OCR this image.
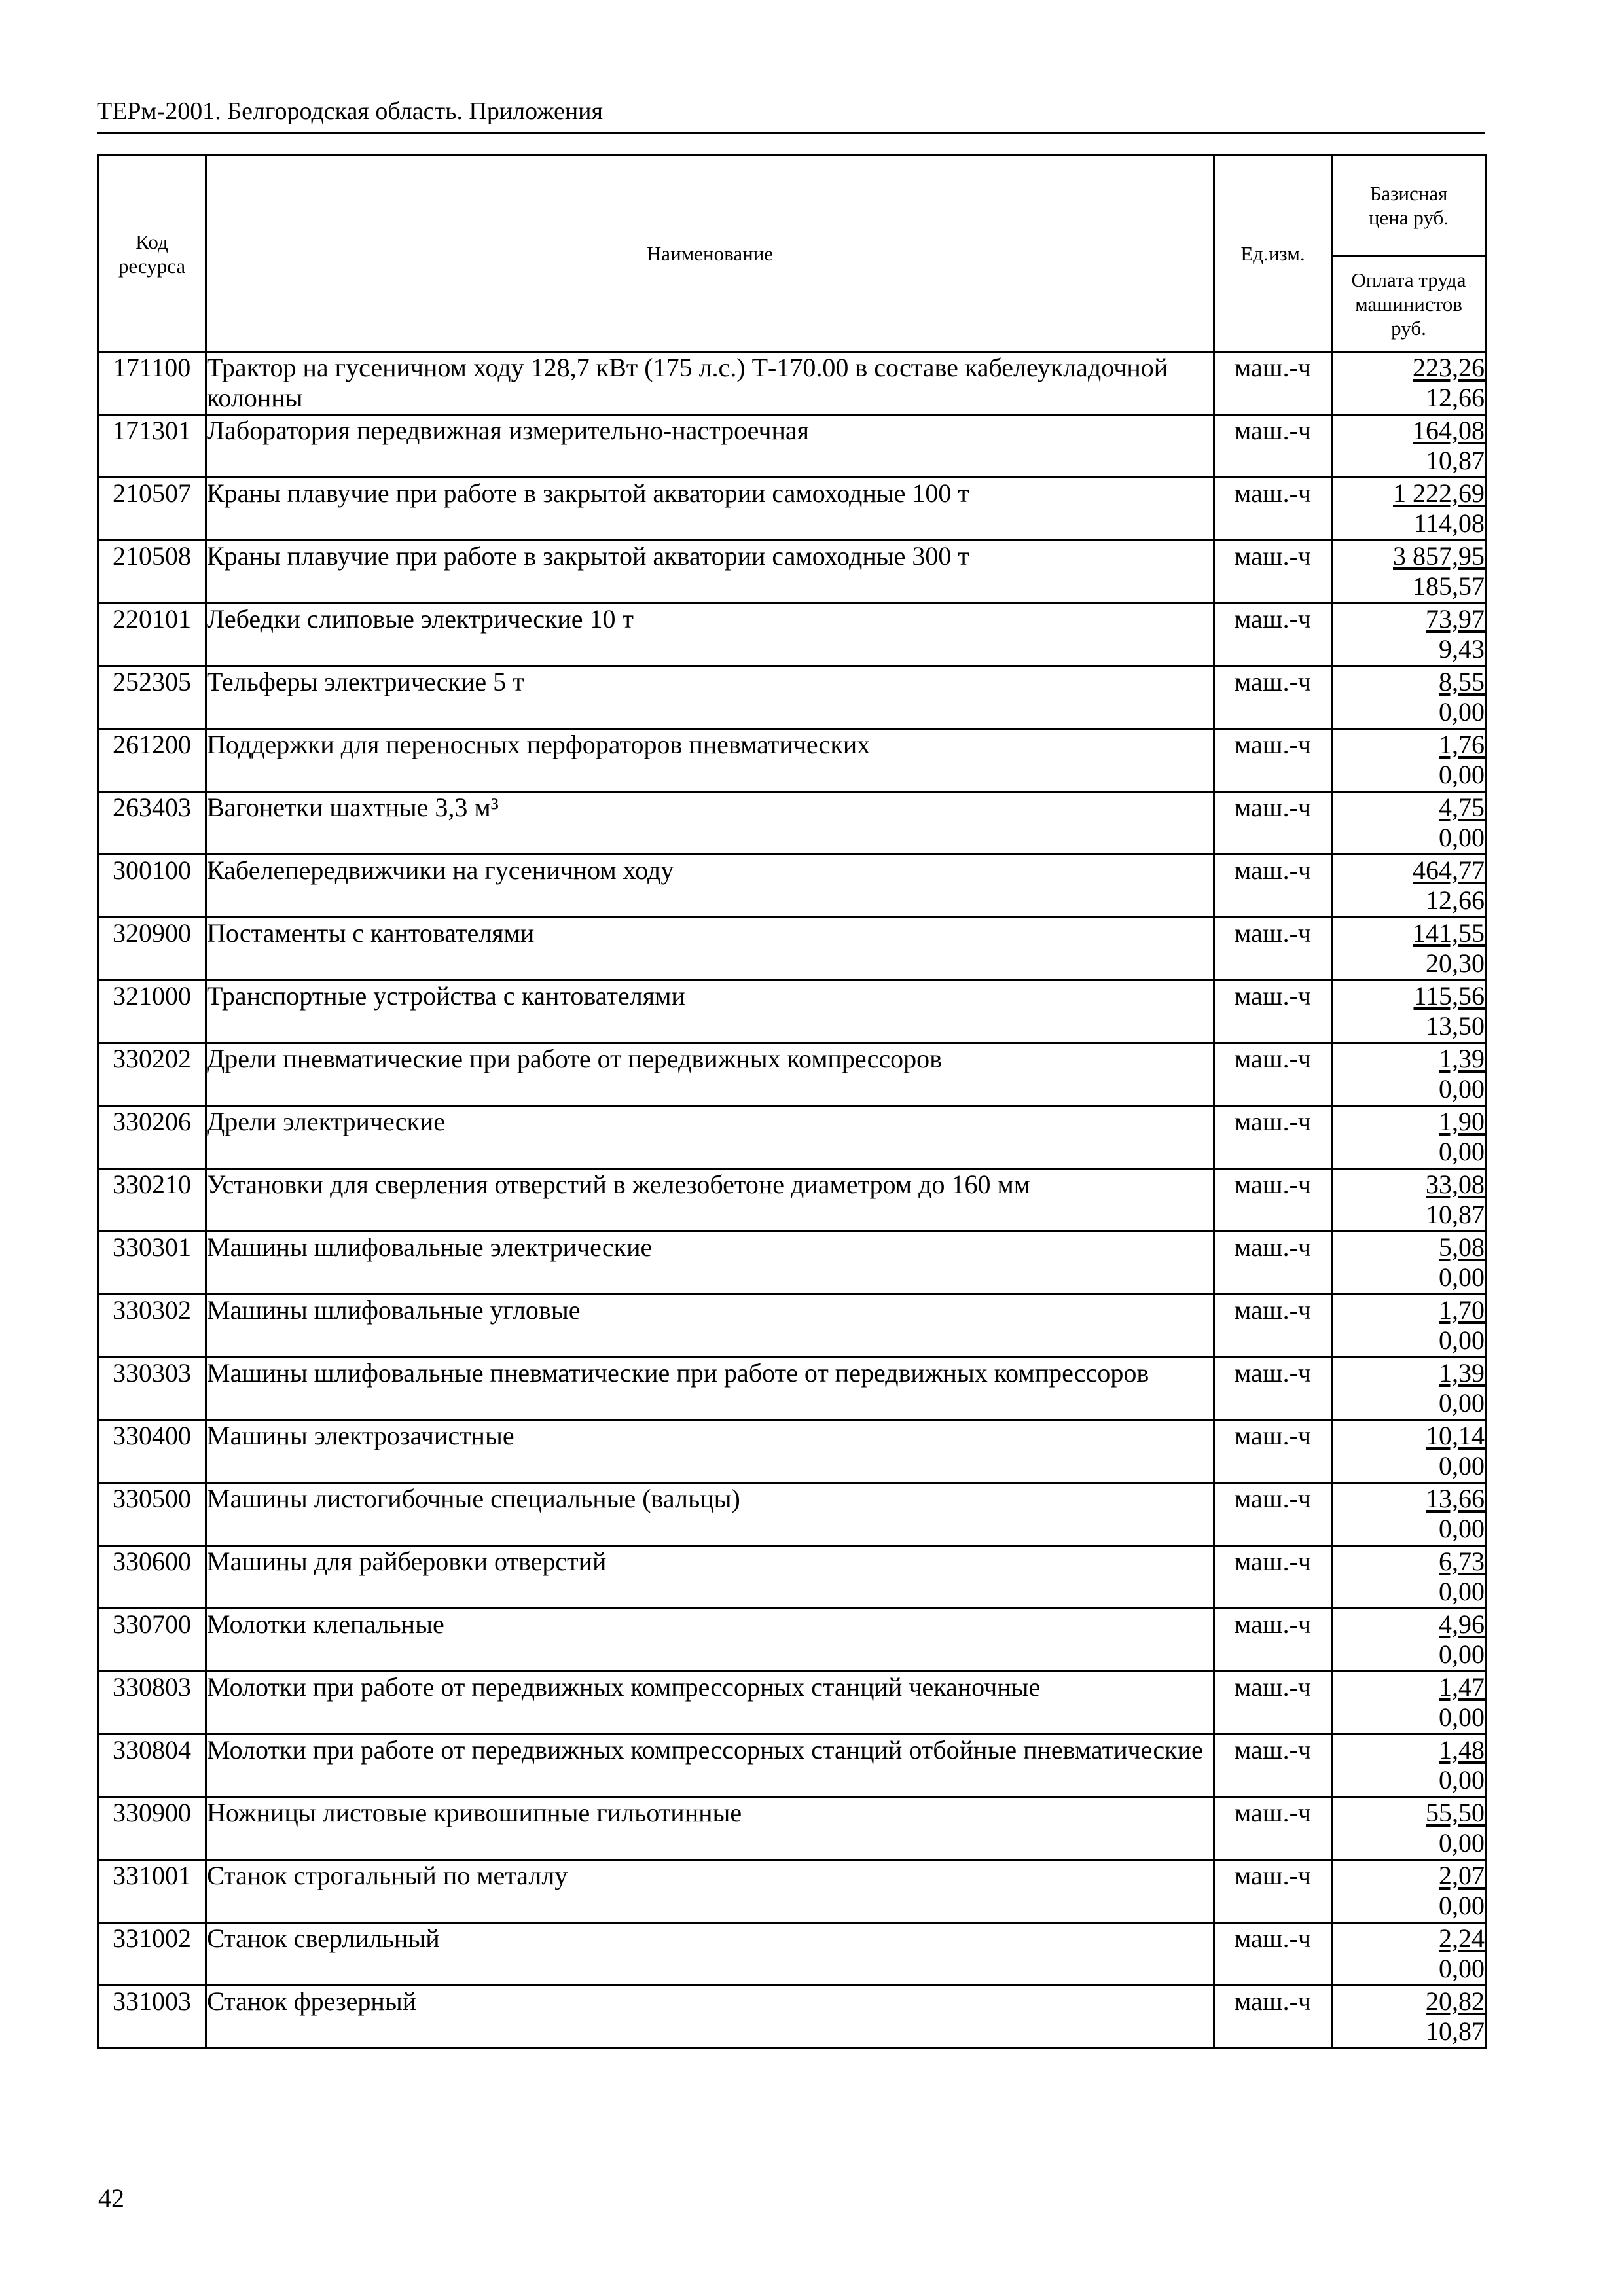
ТЕРм-2001. Белгородская область. Приложения
Код ресурса	Наименование	Ед.изм.	Базисная цена руб.
			Оплата труда машинистов руб.
171100	Трактор на гусеничном ходу 128,7 кВт (175 л.с.) Т-170.00 в составе кабелеукладочной колонны	маш.-ч	223,26
12,66

171301	Лаборатория передвижная измерительно-настроечная	маш.-ч	164,08
10,87

210507	Краны плавучие при работе в закрытой акватории самоходные 100 т	маш.-ч	1 222,69
114,08

210508	Краны плавучие при работе в закрытой акватории самоходные 300 т	маш.-ч	3 857,95
185,57

220101	Лебедки слиповые электрические 10 т	маш.-ч	73,97
9,43

252305	Тельферы электрические 5 т	маш.-ч	8,55
0,00

261200	Поддержки для переносных перфораторов пневматических	маш.-ч	1,76
0,00

263403	Вагонетки шахтные 3,3 м³	маш.-ч	4,75
0,00

300100	Кабелепередвижчики на гусеничном ходу	маш.-ч	464,77
12,66

320900	Постаменты с кантователями	маш.-ч	141,55
20,30

321000	Транспортные устройства с кантователями	маш.-ч	115,56
13,50

330202	Дрели пневматические при работе от передвижных компрессоров	маш.-ч	1,39
0,00

330206	Дрели электрические	маш.-ч	1,90
0,00

330210	Установки для сверления отверстий в железобетоне диаметром до 160 мм	маш.-ч	33,08
10,87

330301	Машины шлифовальные электрические	маш.-ч	5,08
0,00

330302	Машины шлифовальные угловые	маш.-ч	1,70
0,00

330303	Машины шлифовальные пневматические при работе от передвижных компрессоров	маш.-ч	1,39
0,00

330400	Машины электрозачистные	маш.-ч	10,14
0,00

330500	Машины листогибочные специальные (вальцы)	маш.-ч	13,66
0,00

330600	Машины для райберовки отверстий	маш.-ч	6,73
0,00

330700	Молотки клепальные	маш.-ч	4,96
0,00

330803	Молотки при работе от передвижных компрессорных станций чеканочные	маш.-ч	1,47
0,00

330804	Молотки при работе от передвижных компрессорных станций отбойные пневматические	маш.-ч	1,48
0,00

330900	Ножницы листовые кривошипные гильотинные	маш.-ч	55,50
0,00

331001	Станок строгальный по металлу	маш.-ч	2,07
0,00

331002	Станок сверлильный	маш.-ч	2,24
0,00

331003	Станок фрезерный	маш.-ч	20,82
10,87
42
